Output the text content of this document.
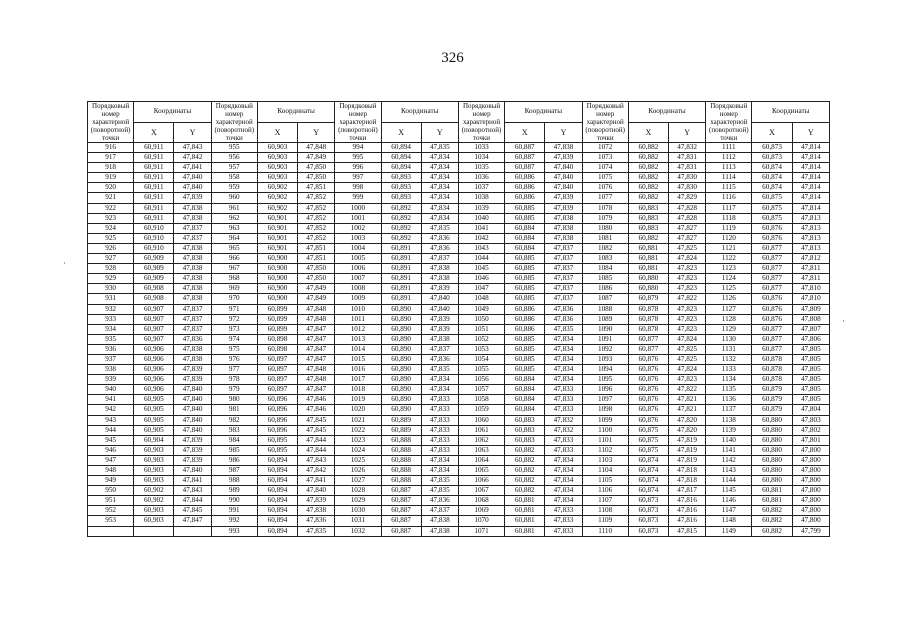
326
Порядковый номер характерной (поворотной) точки	Координаты		Порядковый номер характерной (поворотной) точки	Координаты		Порядковый номер характерной (поворотной) точки	Координаты		Порядковый номер характерной (поворотной) точки	Координаты		Порядковый номер характерной (поворотной) точки	Координаты		Порядковый номер характерной (поворотной) точки	Координаты	
	X	Y		X	Y		X	Y		X	Y		X	Y		X	Y
916	60,911	47,843	955	60,903	47,848	994	60,894	47,835	1033	60,887	47,838	1072	60,882	47,832	1111	60,873	47,814
917	60,911	47,842	956	60,903	47,849	995	60,894	47,834	1034	60,887	47,839	1073	60,882	47,831	1112	60,873	47,814
918	60,911	47,841	957	60,903	47,850	996	60,894	47,834	1035	60,887	47,840	1074	60,882	47,831	1113	60,874	47,814
919	60,911	47,840	958	60,903	47,850	997	60,893	47,834	1036	60,886	47,840	1075	60,882	47,830	1114	60,874	47,814
920	60,911	47,840	959	60,902	47,851	998	60,893	47,834	1037	60,886	47,840	1076	60,882	47,830	1115	60,874	47,814
921	60,911	47,839	960	60,902	47,852	999	60,893	47,834	1038	60,886	47,839	1077	60,882	47,829	1116	60,875	47,814
922	60,911	47,838	961	60,902	47,852	1000	60,892	47,834	1039	60,885	47,839	1078	60,883	47,828	1117	60,875	47,814
923	60,911	47,838	962	60,901	47,852	1001	60,892	47,834	1040	60,885	47,838	1079	60,883	47,828	1118	60,875	47,813
924	60,910	47,837	963	60,901	47,852	1002	60,892	47,835	1041	60,884	47,838	1080	60,883	47,827	1119	60,876	47,813
925	60,910	47,837	964	60,901	47,852	1003	60,892	47,836	1042	60,884	47,838	1081	60,882	47,827	1120	60,876	47,813
926	60,910	47,838	965	60,901	47,851	1004	60,891	47,836	1043	60,884	47,837	1082	60,881	47,825	1121	60,877	47,813
927	60,909	47,838	966	60,900	47,851	1005	60,891	47,837	1044	60,885	47,837	1083	60,881	47,824	1122	60,877	47,812
928	60,909	47,838	967	60,900	47,850	1006	60,891	47,838	1045	60,885	47,837	1084	60,881	47,823	1123	60,877	47,811
929	60,909	47,838	968	60,900	47,850	1007	60,891	47,838	1046	60,885	47,837	1085	60,880	47,823	1124	60,877	47,811
930	60,908	47,838	969	60,900	47,849	1008	60,891	47,839	1047	60,885	47,837	1086	60,880	47,823	1125	60,877	47,810
931	60,908	47,838	970	60,900	47,849	1009	60,891	47,840	1048	60,885	47,837	1087	60,879	47,822	1126	60,876	47,810
932	60,907	47,837	971	60,899	47,848	1010	60,890	47,840	1049	60,886	47,836	1088	60,878	47,823	1127	60,876	47,809
933	60,907	47,837	972	60,899	47,848	1011	60,890	47,839	1050	60,886	47,836	1089	60,878	47,823	1128	60,876	47,808
934	60,907	47,837	973	60,899	47,847	1012	60,890	47,839	1051	60,886	47,835	1090	60,878	47,823	1129	60,877	47,807
935	60,907	47,836	974	60,898	47,847	1013	60,890	47,838	1052	60,885	47,834	1091	60,877	47,824	1130	60,877	47,806
936	60,906	47,838	975	60,898	47,847	1014	60,890	47,837	1053	60,885	47,834	1092	60,877	47,825	1131	60,877	47,805
937	60,906	47,838	976	60,897	47,847	1015	60,890	47,836	1054	60,885	47,834	1093	60,876	47,825	1132	60,878	47,805
938	60,906	47,839	977	60,897	47,848	1016	60,890	47,835	1055	60,885	47,834	1094	60,876	47,824	1133	60,878	47,805
939	60,906	47,839	978	60,897	47,848	1017	60,890	47,834	1056	60,884	47,834	1095	60,876	47,823	1134	60,878	47,805
940	60,906	47,840	979	60,897	47,847	1018	60,890	47,834	1057	60,884	47,833	1096	60,876	47,822	1135	60,879	47,805
941	60,905	47,840	980	60,896	47,846	1019	60,890	47,833	1058	60,884	47,833	1097	60,876	47,821	1136	60,879	47,805
942	60,905	47,840	981	60,896	47,846	1020	60,890	47,833	1059	60,884	47,833	1098	60,876	47,821	1137	60,879	47,804
943	60,905	47,840	982	60,896	47,845	1021	60,889	47,833	1060	60,883	47,832	1099	60,876	47,820	1138	60,880	47,803
944	60,905	47,840	983	60,896	47,845	1022	60,889	47,833	1061	60,883	47,832	1100	60,875	47,820	1139	60,880	47,802
945	60,904	47,839	984	60,895	47,844	1023	60,888	47,833	1062	60,883	47,833	1101	60,875	47,819	1140	60,880	47,801
946	60,903	47,839	985	60,895	47,844	1024	60,888	47,833	1063	60,882	47,833	1102	60,875	47,819	1141	60,880	47,800
947	60,903	47,839	986	60,894	47,843	1025	60,888	47,834	1064	60,882	47,834	1103	60,874	47,819	1142	60,880	47,800
948	60,903	47,840	987	60,894	47,842	1026	60,888	47,834	1065	60,882	47,834	1104	60,874	47,818	1143	60,880	47,800
949	60,903	47,841	988	60,894	47,841	1027	60,888	47,835	1066	60,882	47,834	1105	60,874	47,818	1144	60,880	47,800
950	60,902	47,843	989	60,894	47,840	1028	60,887	47,835	1067	60,882	47,834	1106	60,874	47,817	1145	60,881	47,800
951	60,902	47,844	990	60,894	47,839	1029	60,887	47,836	1068	60,881	47,834	1107	60,873	47,816	1146	60,881	47,800
952	60,903	47,845	991	60,894	47,838	1030	60,887	47,837	1069	60,881	47,833	1108	60,873	47,816	1147	60,882	47,800
953	60,903	47,847	992	60,894	47,836	1031	60,887	47,838	1070	60,881	47,833	1109	60,873	47,816	1148	60,882	47,800
			993	60,894	47,835	1032	60,887	47,838	1071	60,881	47,833	1110	60,873	47,815	1149	60,882	47,799
·
·
